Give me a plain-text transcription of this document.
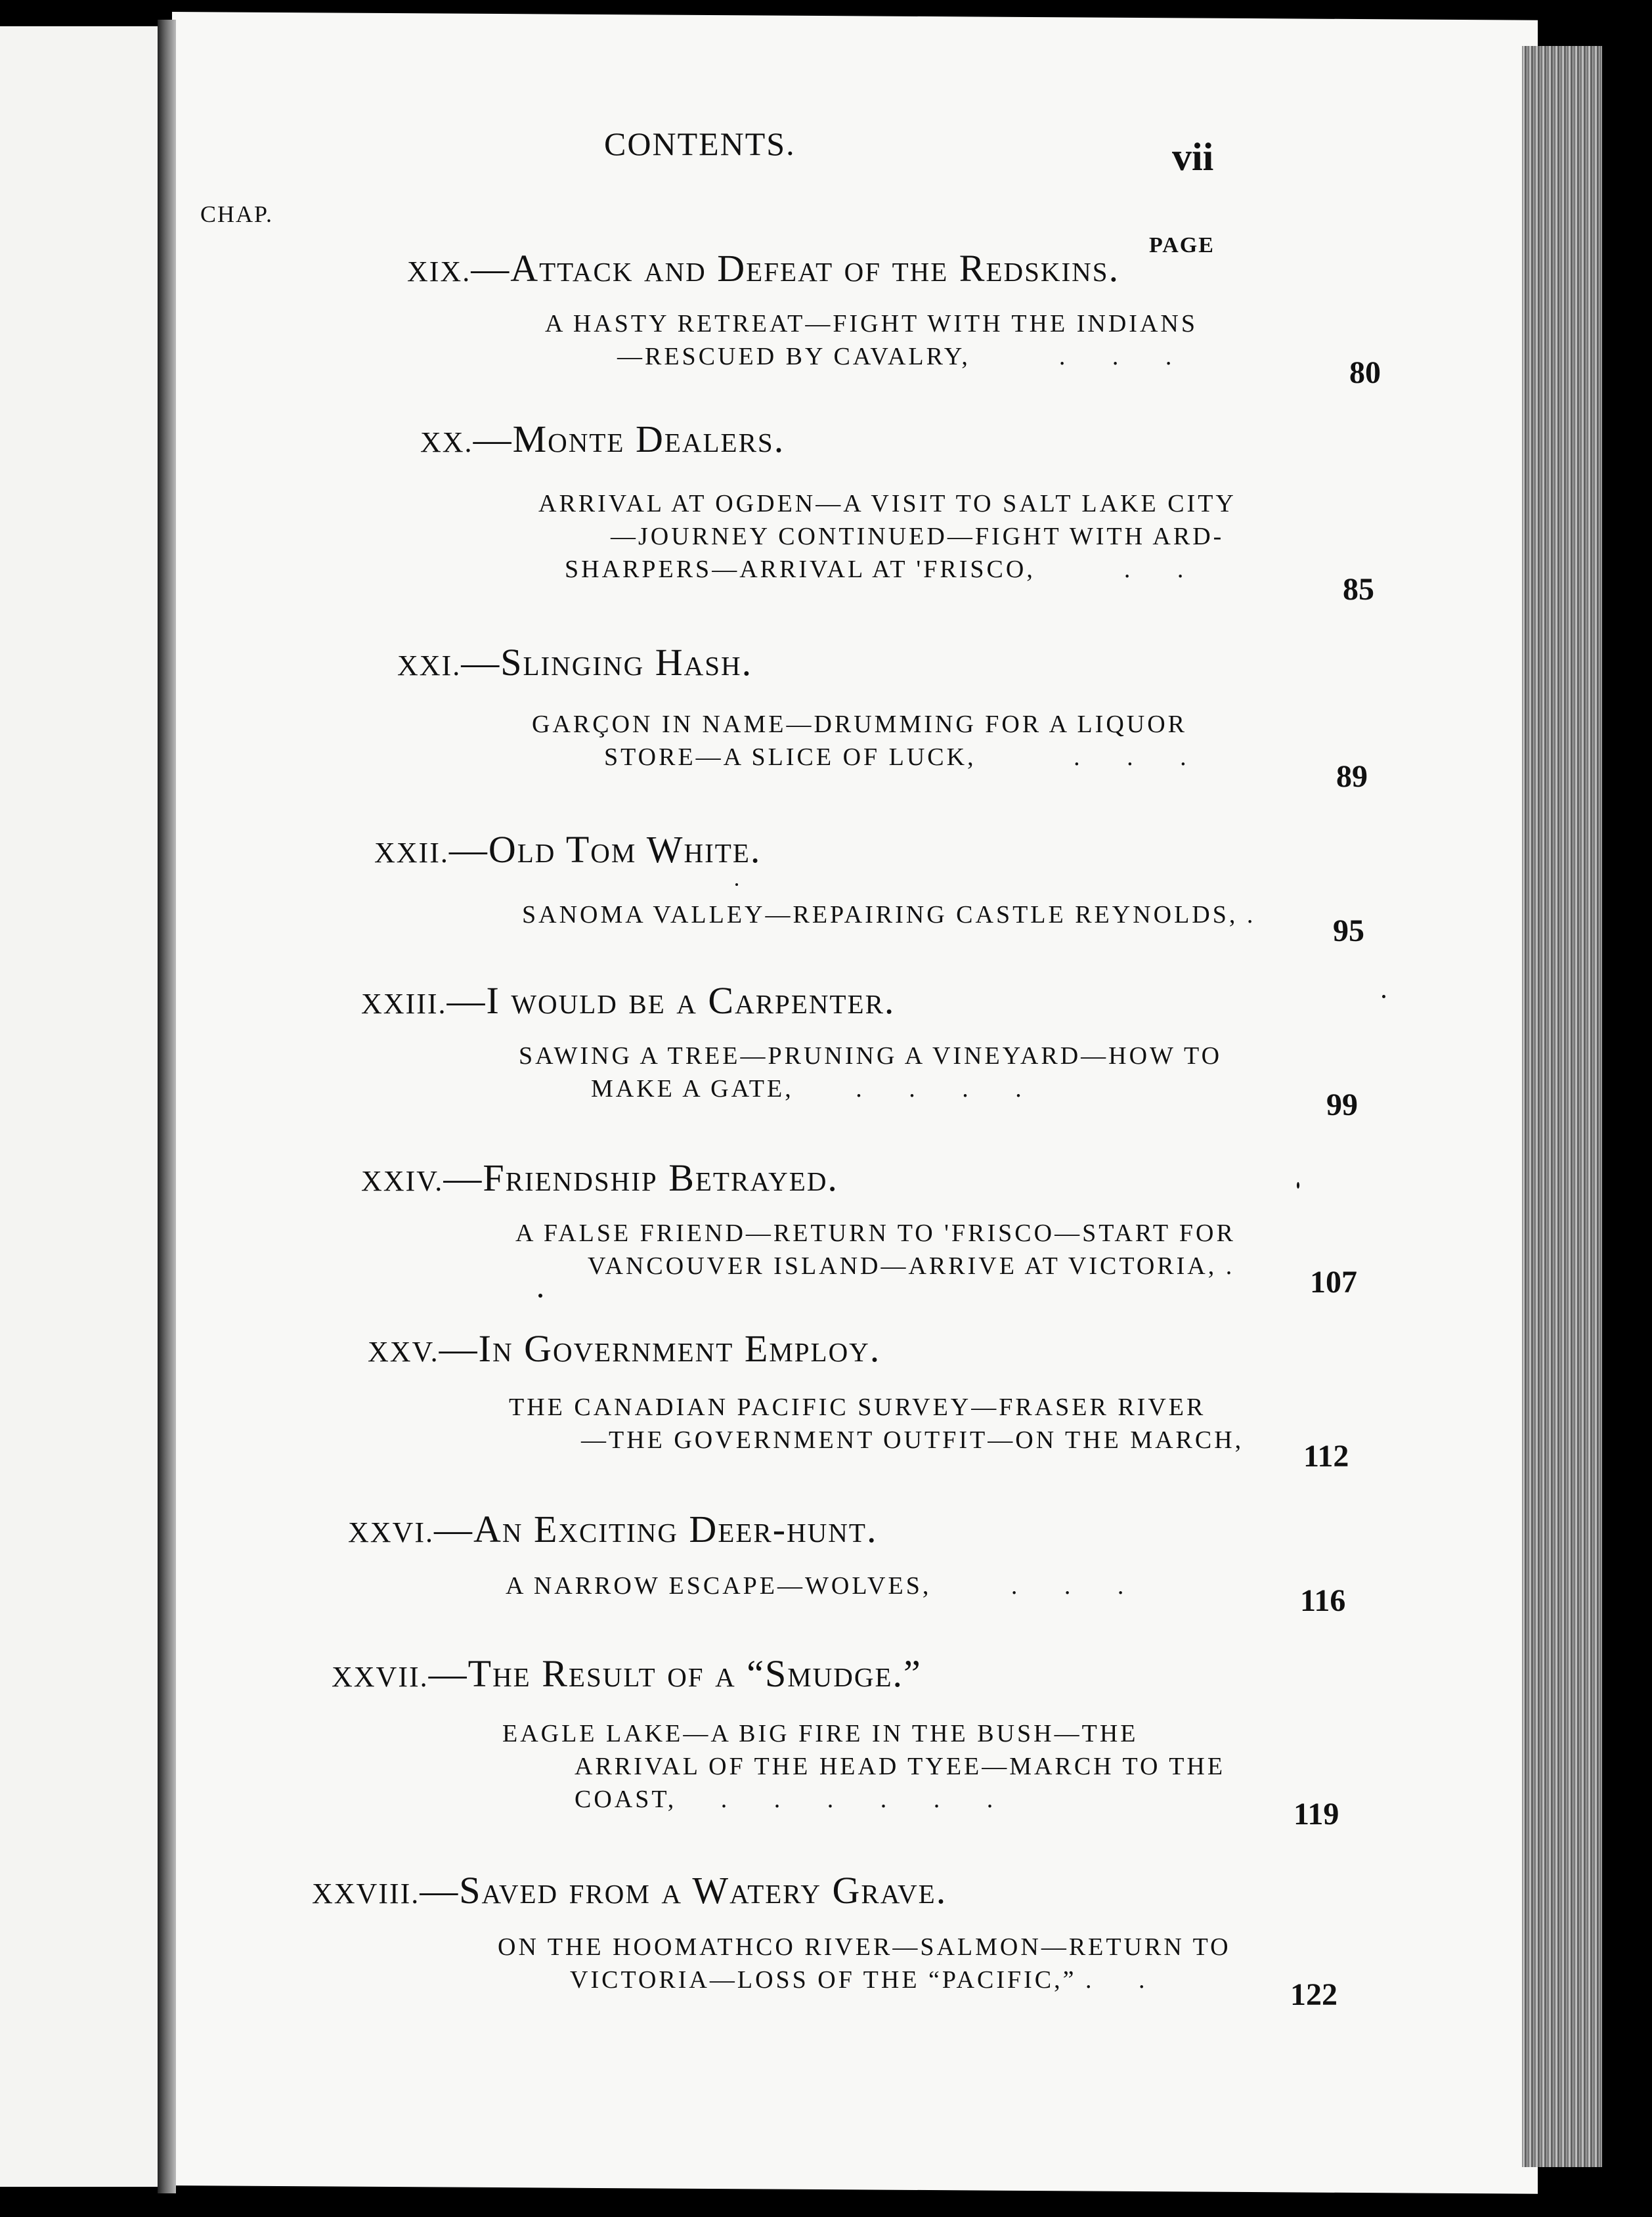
CONTENTS.	vii
CHAP.
PAGE
XIX.—Attack and Defeat of the Redskins.
A HASTY RETREAT—FIGHT WITH THE INDIANS
—RESCUED BY CAVALRY,	.     .     .	80
XX.—Monte Dealers.
ARRIVAL AT OGDEN—A VISIT TO SALT LAKE CITY
—JOURNEY CONTINUED—FIGHT WITH ARD-
SHARPERS—ARRIVAL AT 'FRISCO,	.     .
85
XXI.—Slinging Hash.
GARÇON IN NAME—DRUMMING FOR A LIQUOR
STORE—A SLICE OF LUCK,	.     .     .
89
XXII.—Old Tom White.
SANOMA VALLEY—REPAIRING CASTLE REYNOLDS, . 95
XXIII.—I would be a Carpenter.
SAWING A TREE—PRUNING A VINEYARD—HOW TO
MAKE A GATE, .     .     .     .	99
XXIV.—Friendship Betrayed.
A FALSE FRIEND—RETURN TO 'FRISCO—START FOR
VANCOUVER ISLAND—ARRIVE AT VICTORIA, . 107
XXV.—In Government Employ.
THE CANADIAN PACIFIC SURVEY—FRASER RIVER
—THE GOVERNMENT OUTFIT—ON THE MARCH, 112
XXVI.—An Exciting Deer-hunt.
A NARROW ESCAPE—WOLVES,	.     .     .	116
XXVII.—The Result of a “Smudge.”
EAGLE LAKE—A BIG FIRE IN THE BUSH—THE
ARRIVAL OF THE HEAD TYEE—MARCH TO THE
COAST, .     .     .     .     .     .	119
XXVIII.—Saved from a Watery Grave.
ON THE HOOMATHCO RIVER—SALMON—RETURN TO
VICTORIA—LOSS OF THE “PACIFIC,” .     .	122
